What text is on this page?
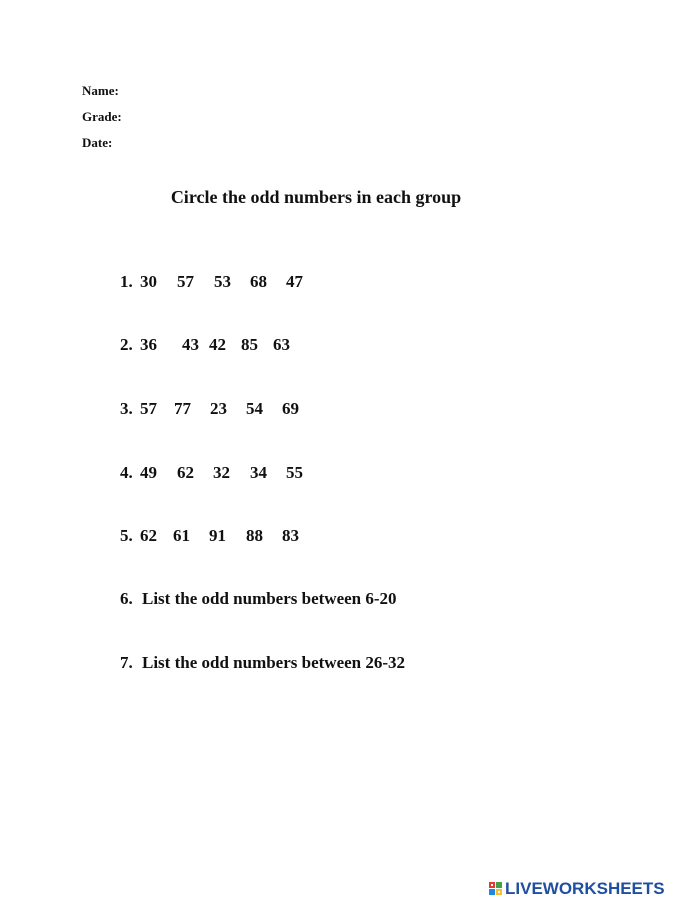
Name:
Grade:
Date:
Circle the odd numbers in each group

1. 30 57 53 68 47

2. 36 43 42 85 63

3. 57 77 23 54 69

4. 49 62 32 34 55

5. 62 61 91 88 83

6. List the odd numbers between 6-20

7. List the odd numbers between 26-32

LIVEWORKSHEETS
